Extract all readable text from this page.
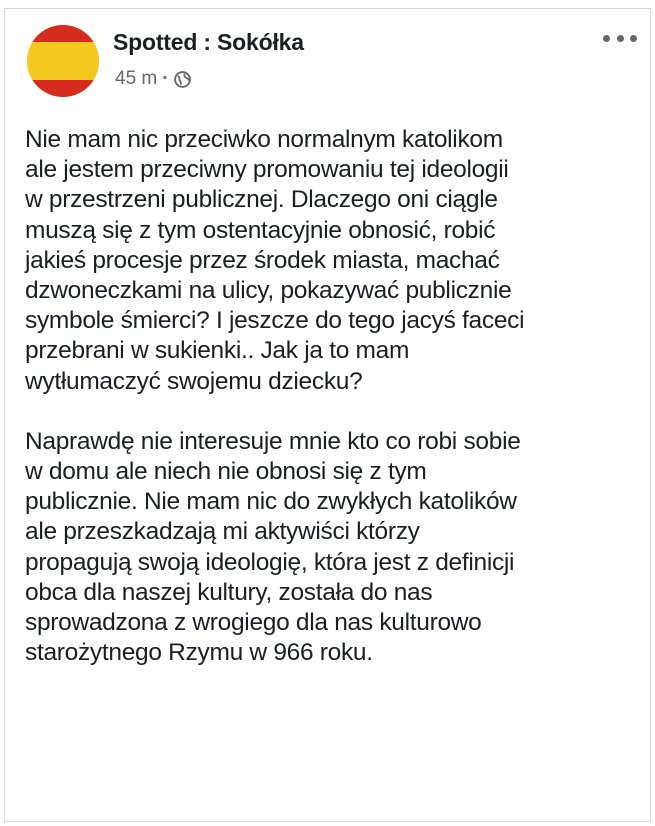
Spotted : Sokółka
45 m ·

Nie mam nic przeciwko normalnym katolikom
ale jestem przeciwny promowaniu tej ideologii
w przestrzeni publicznej. Dlaczego oni ciągle
muszą się z tym ostentacyjnie obnosić, robić
jakieś procesje przez środek miasta, machać
dzwoneczkami na ulicy, pokazywać publicznie
symbole śmierci? I jeszcze do tego jacyś faceci
przebrani w sukienki.. Jak ja to mam
wytłumaczyć swojemu dziecku?

Naprawdę nie interesuje mnie kto co robi sobie
w domu ale niech nie obnosi się z tym
publicznie. Nie mam nic do zwykłych katolików
ale przeszkadzają mi aktywiści którzy
propagują swoją ideologię, która jest z definicji
obca dla naszej kultury, została do nas
sprowadzona z wrogiego dla nas kulturowo
starożytnego Rzymu w 966 roku.
